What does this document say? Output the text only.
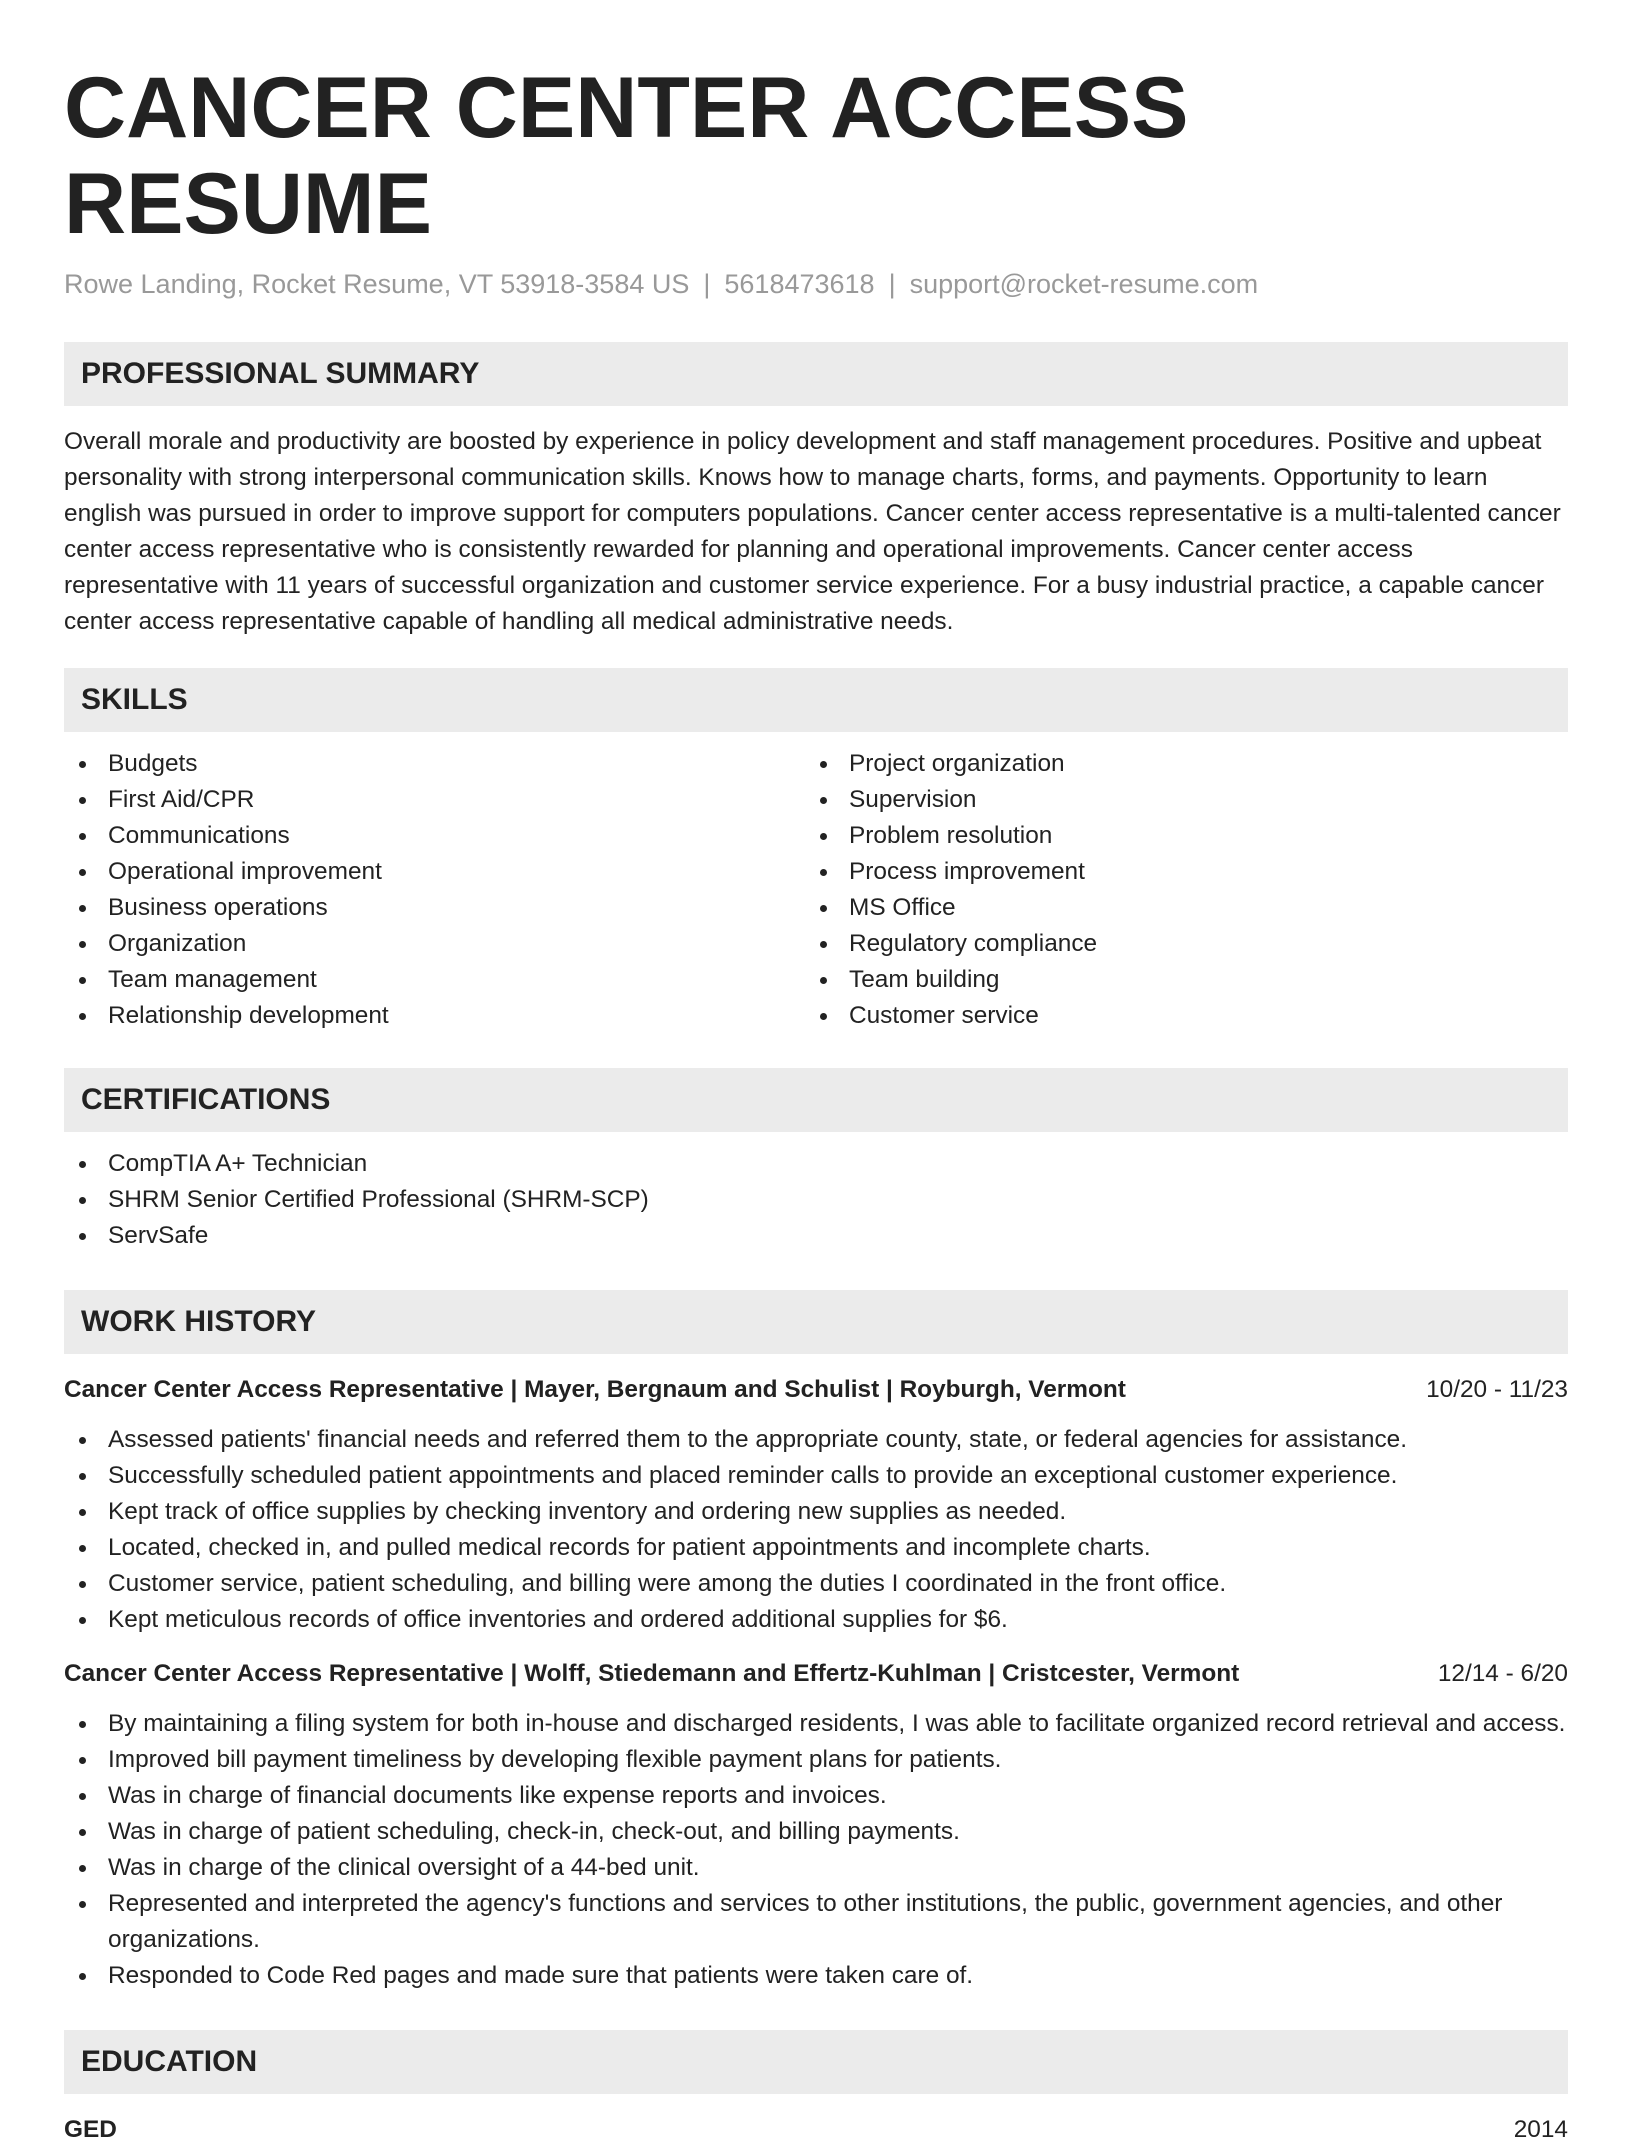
CANCER CENTER ACCESS RESUME
Rowe Landing, Rocket Resume, VT 53918-3584 US | 5618473618 | support@rocket-resume.com
PROFESSIONAL SUMMARY

Overall morale and productivity are boosted by experience in policy development and staff management procedures. Positive and upbeat personality with strong interpersonal communication skills. Knows how to manage charts, forms, and payments. Opportunity to learn english was pursued in order to improve support for computers populations. Cancer center access representative is a multi-talented cancer center access representative who is consistently rewarded for planning and operational improvements. Cancer center access representative with 11 years of successful organization and customer service experience. For a busy industrial practice, a capable cancer center access representative capable of handling all medical administrative needs.

SKILLS
Budgets
First Aid/CPR
Communications
Operational improvement
Business operations
Organization
Team management
Relationship development
Project organization
Supervision
Problem resolution
Process improvement
MS Office
Regulatory compliance
Team building
Customer service
CERTIFICATIONS
CompTIA A+ Technician
SHRM Senior Certified Professional (SHRM-SCP)
ServSafe
WORK HISTORY
Cancer Center Access Representative | Mayer, Bergnaum and Schulist | Royburgh, Vermont	10/20 - 11/23
Assessed patients' financial needs and referred them to the appropriate county, state, or federal agencies for assistance.
Successfully scheduled patient appointments and placed reminder calls to provide an exceptional customer experience.
Kept track of office supplies by checking inventory and ordering new supplies as needed.
Located, checked in, and pulled medical records for patient appointments and incomplete charts.
Customer service, patient scheduling, and billing were among the duties I coordinated in the front office.
Kept meticulous records of office inventories and ordered additional supplies for $6.
Cancer Center Access Representative | Wolff, Stiedemann and Effertz-Kuhlman | Cristcester, Vermont	12/14 - 6/20
By maintaining a filing system for both in-house and discharged residents, I was able to facilitate organized record retrieval and access.
Improved bill payment timeliness by developing flexible payment plans for patients.
Was in charge of financial documents like expense reports and invoices.
Was in charge of patient scheduling, check-in, check-out, and billing payments.
Was in charge of the clinical oversight of a 44-bed unit.
Represented and interpreted the agency's functions and services to other institutions, the public, government agencies, and other organizations.
Responded to Code Red pages and made sure that patients were taken care of.
EDUCATION
GED	2014
